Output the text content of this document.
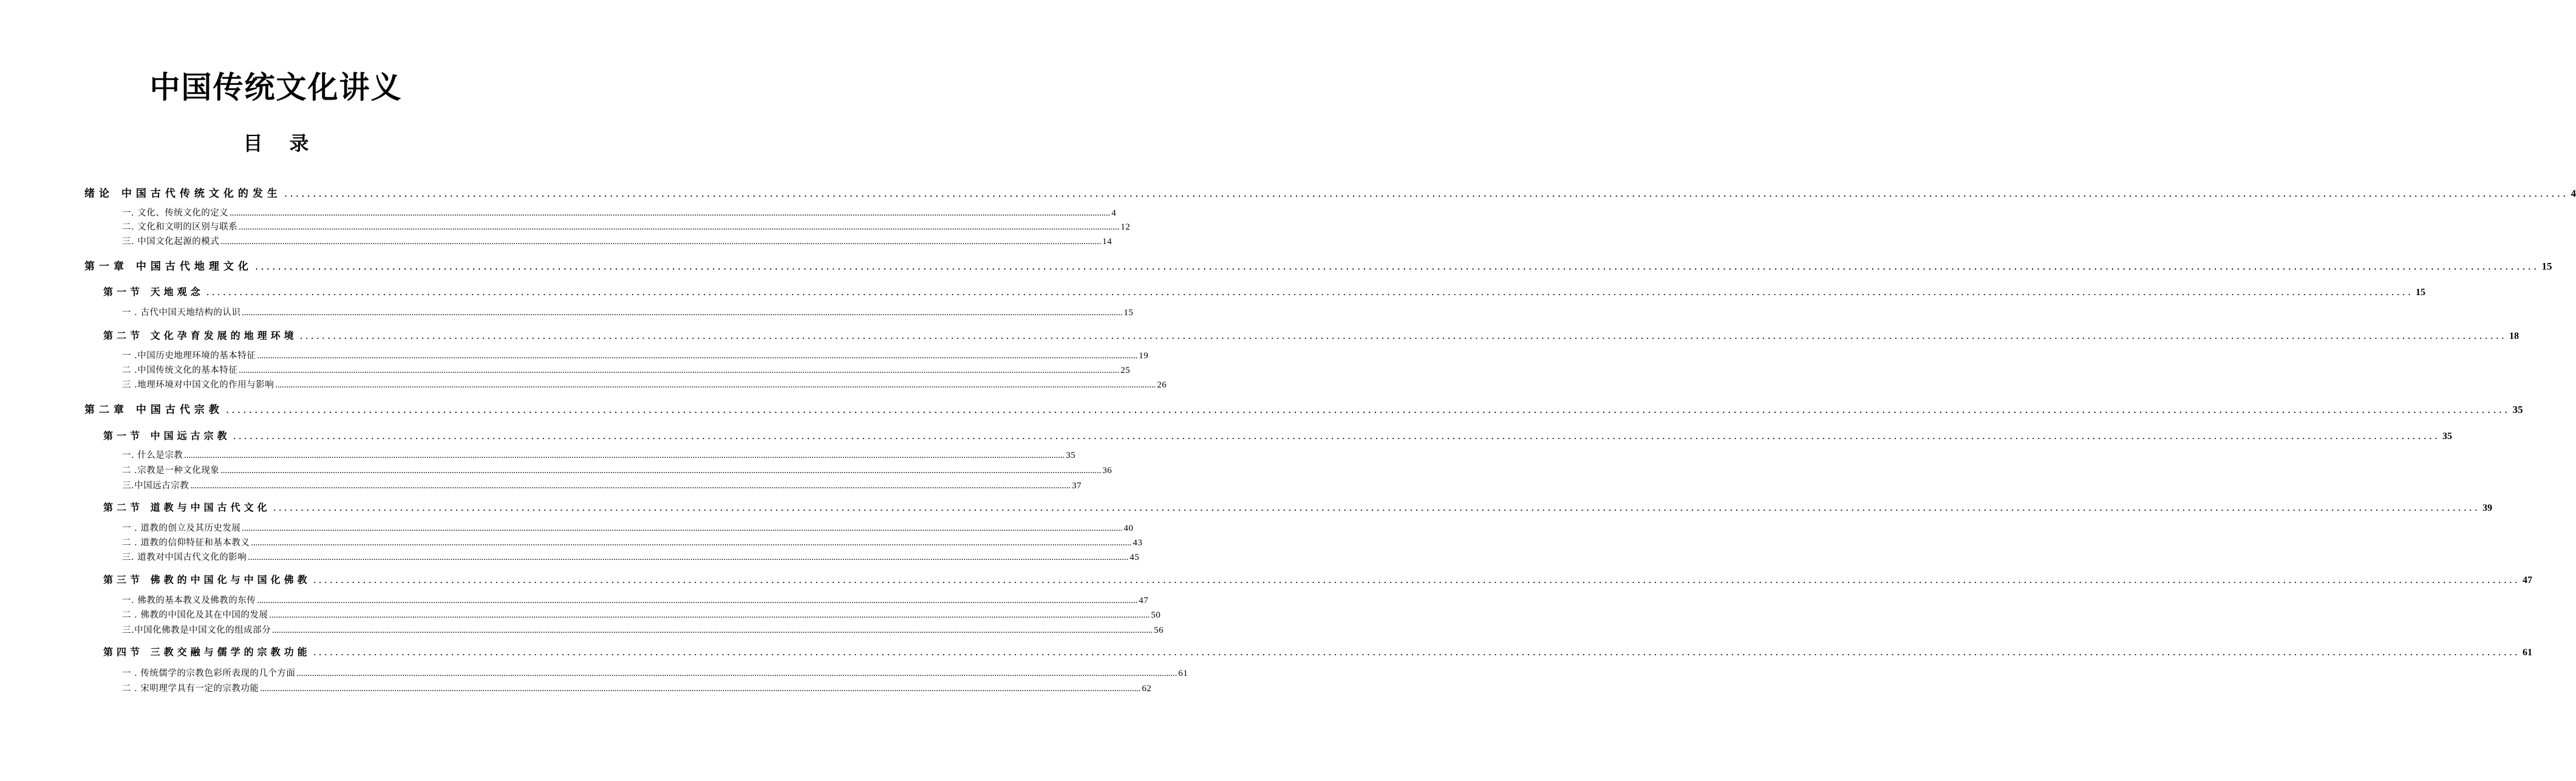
中国传统文化讲义
目 录
绪论 中国古代传统文化的发生 ................................................................................................................................................................................................................................................................................................................................................................................................................ 4
一. 文化、传统文化的定义 ................................................................................................................................................................................................................................................................................................................................................................................................................ 4
二. 文化和文明的区别与联系 ................................................................................................................................................................................................................................................................................................................................................................................................................ 12
三. 中国文化起源的模式 ................................................................................................................................................................................................................................................................................................................................................................................................................ 14
第一章 中国古代地理文化 ................................................................................................................................................................................................................................................................................................................................................................................................................ 15
第一节 天地观念 ................................................................................................................................................................................................................................................................................................................................................................................................................ 15
一 . 古代中国天地结构的认识 ................................................................................................................................................................................................................................................................................................................................................................................................................ 15
第二节 文化孕育发展的地理环境 ................................................................................................................................................................................................................................................................................................................................................................................................................ 18
一 .中国历史地理环境的基本特征 ................................................................................................................................................................................................................................................................................................................................................................................................................ 19
二 .中国传统文化的基本特征 ................................................................................................................................................................................................................................................................................................................................................................................................................ 25
三 .地理环境对中国文化的作用与影响 ................................................................................................................................................................................................................................................................................................................................................................................................................ 26
第二章 中国古代宗教 ................................................................................................................................................................................................................................................................................................................................................................................................................ 35
第一节 中国远古宗教 ................................................................................................................................................................................................................................................................................................................................................................................................................ 35
一. 什么是宗教 ................................................................................................................................................................................................................................................................................................................................................................................................................ 35
二 .宗教是一种文化现象 ................................................................................................................................................................................................................................................................................................................................................................................................................ 36
三.中国远古宗教 ................................................................................................................................................................................................................................................................................................................................................................................................................ 37
第二节 道教与中国古代文化 ................................................................................................................................................................................................................................................................................................................................................................................................................ 39
一 . 道教的创立及其历史发展 ................................................................................................................................................................................................................................................................................................................................................................................................................ 40
二 . 道教的信仰特征和基本教义 ................................................................................................................................................................................................................................................................................................................................................................................................................ 43
三. 道教对中国古代文化的影响 ................................................................................................................................................................................................................................................................................................................................................................................................................ 45
第三节 佛教的中国化与中国化佛教 ................................................................................................................................................................................................................................................................................................................................................................................................................ 47
一. 佛教的基本教义及佛教的东传 ................................................................................................................................................................................................................................................................................................................................................................................................................ 47
二 . 佛教的中国化及其在中国的发展 ................................................................................................................................................................................................................................................................................................................................................................................................................ 50
三.中国化佛教是中国文化的组成部分 ................................................................................................................................................................................................................................................................................................................................................................................................................ 56
第四节 三教交融与儒学的宗教功能 ................................................................................................................................................................................................................................................................................................................................................................................................................ 61
一 . 传统儒学的宗教色彩所表现的几个方面 ................................................................................................................................................................................................................................................................................................................................................................................................................ 61
二 . 宋明理学具有一定的宗教功能 ................................................................................................................................................................................................................................................................................................................................................................................................................ 62
